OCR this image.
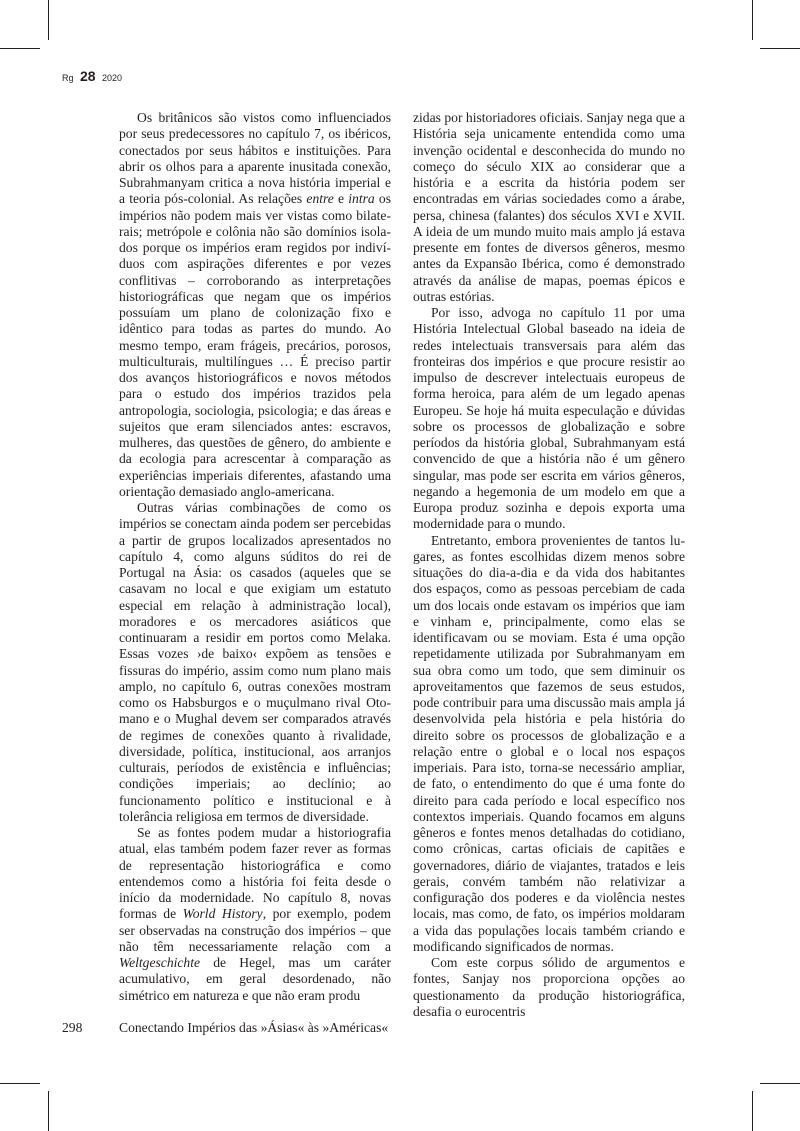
Rg 28 2020

Os britânicos são vistos como influenciados por seus predecessores no capítulo 7, os ibéricos, conectados por seus hábitos e instituições. Para abrir os olhos para a aparente inusitada conexão, Subrahmanyam critica a nova história imperial e a teoria pós-colonial. As relações entre e intra os impérios não podem mais ver vistas como bilaterais; metrópole e colônia não são domínios isolados porque os impérios eram regidos por indivíduos com aspirações diferentes e por vezes conflitivas – corroborando as interpretações historiográficas que negam que os impérios possuíam um plano de colonização fixo e idêntico para todas as partes do mundo. Ao mesmo tempo, eram frágeis, precários, porosos, multiculturais, multilíngues … É preciso partir dos avanços historiográficos e novos métodos para o estudo dos impérios trazidos pela antropologia, sociologia, psicologia; e das áreas e sujeitos que eram silenciados antes: escravos, mulheres, das questões de gênero, do ambiente e da ecologia para acrescentar à comparação as experiências imperiais diferentes, afastando uma orientação demasiado anglo-americana.

Outras várias combinações de como os impérios se conectam ainda podem ser percebidas a partir de grupos localizados apresentados no capítulo 4, como alguns súditos do rei de Portugal na Ásia: os casados (aqueles que se casavam no local e que exigiam um estatuto especial em relação à administração local), moradores e os mercadores asiáticos que continuaram a residir em portos como Melaka. Essas vozes ›de baixo‹ expõem as tensões e fissuras do império, assim como num plano mais amplo, no capítulo 6, outras conexões mostram como os Habsburgos e o muçulmano rival Otomano e o Mughal devem ser comparados através de regimes de conexões quanto à rivalidade, diversidade, política, institucional, aos arranjos culturais, períodos de existência e influências; condições imperiais; ao declínio; ao funcionamento político e institucional e à tolerância religiosa em termos de diversidade.

Se as fontes podem mudar a historiografia atual, elas também podem fazer rever as formas de representação historiográfica e como entendemos como a história foi feita desde o início da modernidade. No capítulo 8, novas formas de World History, por exemplo, podem ser observadas na construção dos impérios – que não têm necessariamente relação com a Weltgeschichte de Hegel, mas um caráter acumulativo, em geral desordenado, não simétrico em natureza e que não eram produ

zidas por historiadores oficiais. Sanjay nega que a História seja unicamente entendida como uma invenção ocidental e desconhecida do mundo no começo do século XIX ao considerar que a história e a escrita da história podem ser encontradas em várias sociedades como a árabe, persa, chinesa (falantes) dos séculos XVI e XVII. A ideia de um mundo muito mais amplo já estava presente em fontes de diversos gêneros, mesmo antes da Expansão Ibérica, como é demonstrado através da análise de mapas, poemas épicos e outras estórias.

Por isso, advoga no capítulo 11 por uma História Intelectual Global baseado na ideia de redes intelectuais transversais para além das fronteiras dos impérios e que procure resistir ao impulso de descrever intelectuais europeus de forma heroica, para além de um legado apenas Europeu. Se hoje há muita especulação e dúvidas sobre os processos de globalização e sobre períodos da história global, Subrahmanyam está convencido de que a história não é um gênero singular, mas pode ser escrita em vários gêneros, negando a hegemonia de um modelo em que a Europa produz sozinha e depois exporta uma modernidade para o mundo.

Entretanto, embora provenientes de tantos lugares, as fontes escolhidas dizem menos sobre situações do dia-a-dia e da vida dos habitantes dos espaços, como as pessoas percebiam de cada um dos locais onde estavam os impérios que iam e vinham e, principalmente, como elas se identificavam ou se moviam. Esta é uma opção repetidamente utilizada por Subrahmanyam em sua obra como um todo, que sem diminuir os aproveitamentos que fazemos de seus estudos, pode contribuir para uma discussão mais ampla já desenvolvida pela história e pela história do direito sobre os processos de globalização e a relação entre o global e o local nos espaços imperiais. Para isto, torna-se necessário ampliar, de fato, o entendimento do que é uma fonte do direito para cada período e local específico nos contextos imperiais. Quando focamos em alguns gêneros e fontes menos detalhadas do cotidiano, como crônicas, cartas oficiais de capitães e governadores, diário de viajantes, tratados e leis gerais, convém também não relativizar a configuração dos poderes e da violência nestes locais, mas como, de fato, os impérios moldaram a vida das populações locais também criando e modificando significados de normas.

Com este corpus sólido de argumentos e fontes, Sanjay nos proporciona opções ao questionamento da produção historiográfica, desafia o eurocentris

298	Conectando Impérios das »Ásias« às »Américas«
